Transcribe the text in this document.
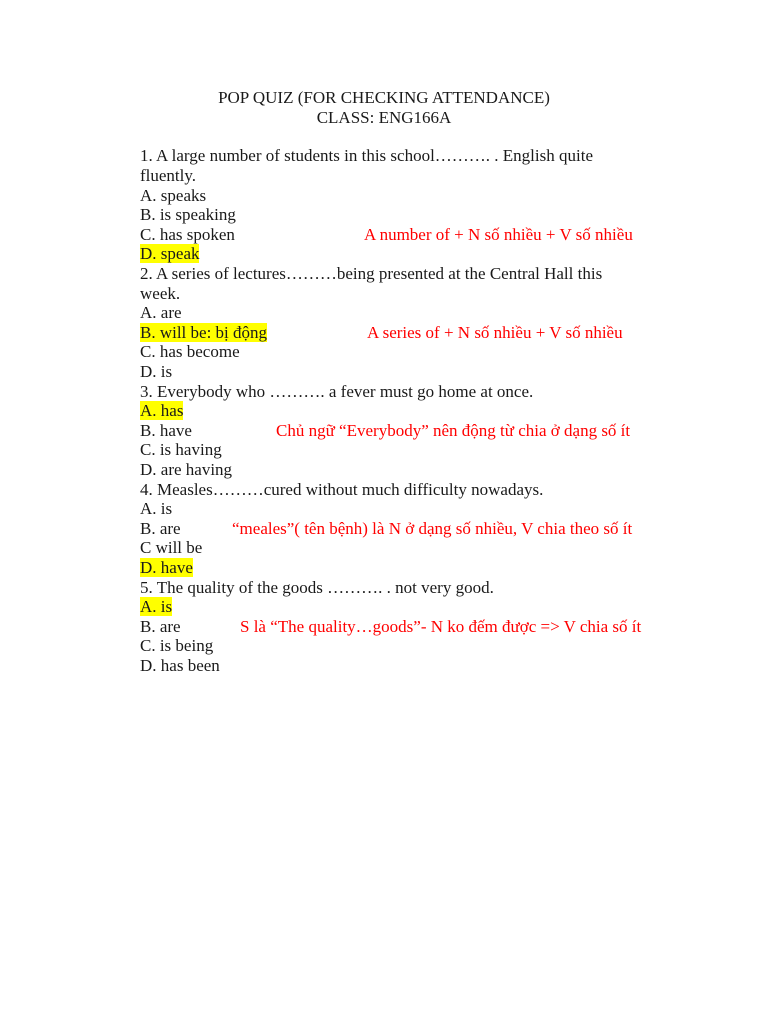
POP QUIZ (FOR CHECKING ATTENDANCE)
CLASS: ENG166A
1. A large number of students in this school………. . English quite
fluently.
A. speaks
B. is speaking
C. has spoken	A number of + N số nhiều + V số nhiều
D. speak
2. A series of lectures………being presented at the Central Hall this
week.
A. are
B. will be: bị động	A series of + N số nhiều + V số nhiều
C. has become
D. is
3. Everybody who ………. a fever must go home at once.
A. has
B. have	Chủ ngữ “Everybody” nên động từ chia ở dạng số ít
C. is having
D. are having
4. Measles………cured without much difficulty nowadays.
A. is
B. are	“meales”( tên bệnh) là N ở dạng số nhiều, V chia theo số ít
C will be
D. have
5. The quality of the goods ………. . not very good.
A. is
B. are	S là “The quality…goods”- N ko đếm được => V chia số ít
C. is being
D. has been
